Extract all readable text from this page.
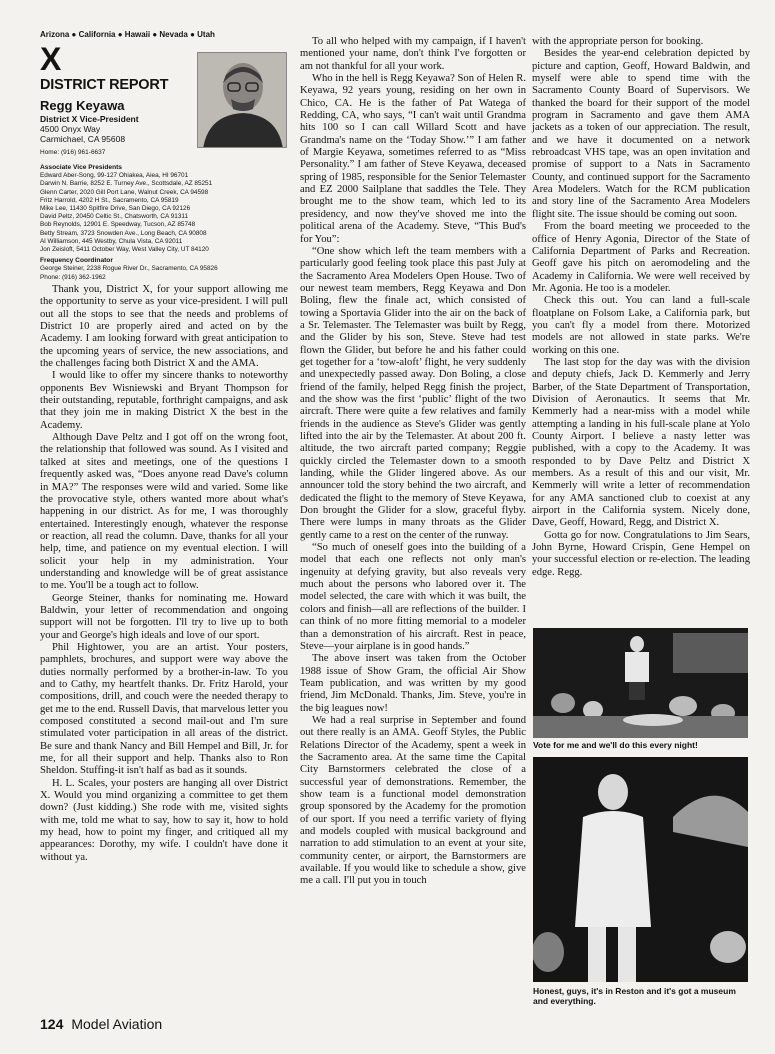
Arizona ● California ● Hawaii ● Nevada ● Utah
X
DISTRICT REPORT
Regg Keyawa
District X Vice-President
4500 Onyx Way
Carmichael, CA 95608
Home: (916) 961-6637
Associate Vice Presidents
Edward Aber-Song, 99-127 Ohiakea, Aiea, HI 96701
Darwin N. Barrie, 8252 E. Turney Ave., Scottsdale, AZ 85251
Glenn Carter, 2020 Gill Port Lane, Walnut Creek, CA 94598
Fritz Harrold, 4202 H St., Sacramento, CA 95819
Mike Lee, 11430 Spitfire Drive, San Diego, CA 92126
David Peltz, 20450 Celtic St., Chatsworth, CA 91311
Bob Reynolds, 12901 E. Speedway, Tucson, AZ 85748
Betty Stream, 3723 Snowden Ave., Long Beach, CA 90808
Al Williamson, 445 Westby, Chula Vista, CA 92011
Jon Zeisloft, 5411 October Way, West Valley City, UT 84120
Frequency Coordinator
George Steiner, 2238 Rogue River Dr., Sacramento, CA 95826
Phone: (916) 362-1962

Thank you, District X, for your support allowing me the opportunity to serve as your vice-president. I will pull out all the stops to see that the needs and problems of District 10 are properly aired and acted on by the Academy. I am looking forward with great anticipation to the upcoming years of service, the new associations, and the challenges facing both District X and the AMA.

I would like to offer my sincere thanks to noteworthy opponents Bev Wisniewski and Bryant Thompson for their outstanding, reputable, forthright campaigns, and ask that they join me in making District X the best in the Academy.

Although Dave Peltz and I got off on the wrong foot, the relationship that followed was sound. As I visited and talked at sites and meetings, one of the questions I frequently asked was, “Does anyone read Dave's column in MA?” The responses were wild and varied. Some like the provocative style, others wanted more about what's happening in our district. As for me, I was thoroughly entertained. Interestingly enough, whatever the response or reaction, all read the column. Dave, thanks for all your help, time, and patience on my eventual election. I will solicit your help in my administration. Your understanding and knowledge will be of great assistance to me. You'll be a tough act to follow.

George Steiner, thanks for nominating me. Howard Baldwin, your letter of recommendation and ongoing support will not be forgotten. I'll try to live up to both your and George's high ideals and love of our sport.

Phil Hightower, you are an artist. Your posters, pamphlets, brochures, and support were way above the duties normally performed by a brother-in-law. To you and to Cathy, my heartfelt thanks. Dr. Fritz Harold, your compositions, drill, and couch were the needed therapy to get me to the end. Russell Davis, that marvelous letter you composed constituted a second mail-out and I'm sure stimulated voter participation in all areas of the district. Be sure and thank Nancy and Bill Hempel and Bill, Jr. for me, for all their support and help. Thanks also to Ron Sheldon. Stuffing-it isn't half as bad as it sounds.

H. L. Scales, your posters are hanging all over District X. Would you mind organizing a committee to get them down? (Just kidding.) She rode with me, visited sights with me, told me what to say, how to say it, how to hold my head, how to point my finger, and critiqued all my appearances: Dorothy, my wife. I couldn't have done it without ya.

To all who helped with my campaign, if I haven't mentioned your name, don't think I've forgotten or am not thankful for all your work.

Who in the hell is Regg Keyawa? Son of Helen R. Keyawa, 92 years young, residing on her own in Chico, CA. He is the father of Pat Watega of Redding, CA, who says, “I can't wait until Grandma hits 100 so I can call Willard Scott and have Grandma's name on the ‘Today Show.’” I am father of Margie Keyawa, sometimes referred to as “Miss Personality.” I am father of Steve Keyawa, deceased spring of 1985, responsible for the Senior Telemaster and EZ 2000 Sailplane that saddles the Tele. They brought me to the show team, which led to its presidency, and now they've shoved me into the political arena of the Academy. Steve, “This Bud's for You”:

“One show which left the team members with a particularly good feeling took place this past July at the Sacramento Area Modelers Open House. Two of our newest team members, Regg Keyawa and Don Boling, flew the finale act, which consisted of towing a Sportavia Glider into the air on the back of a Sr. Telemaster. The Telemaster was built by Regg, and the Glider by his son, Steve. Steve had test flown the Glider, but before he and his father could get together for a ‘tow-aloft’ flight, he very suddenly and unexpectedly passed away. Don Boling, a close friend of the family, helped Regg finish the project, and the show was the first ‘public’ flight of the two aircraft. There were quite a few relatives and family friends in the audience as Steve's Glider was gently lifted into the air by the Telemaster. At about 200 ft. altitude, the two aircraft parted company; Reggie quickly circled the Telemaster down to a smooth landing, while the Glider lingered above. As our announcer told the story behind the two aircraft, and dedicated the flight to the memory of Steve Keyawa, Don brought the Glider for a slow, graceful flyby. There were lumps in many throats as the Glider gently came to a rest on the center of the runway.

“So much of oneself goes into the building of a model that each one reflects not only man's ingenuity at defying gravity, but also reveals very much about the persons who labored over it. The model selected, the care with which it was built, the colors and finish—all are reflections of the builder. I can think of no more fitting memorial to a modeler than a demonstration of his aircraft. Rest in peace, Steve—your airplane is in good hands.”

The above insert was taken from the October 1988 issue of Show Gram, the official Air Show Team publication, and was written by my good friend, Jim McDonald. Thanks, Jim. Steve, you're in the big leagues now!

We had a real surprise in September and found out there really is an AMA. Geoff Styles, the Public Relations Director of the Academy, spent a week in the Sacramento area. At the same time the Capital City Barnstormers celebrated the close of a successful year of demonstrations. Remember, the show team is a functional model demonstration group sponsored by the Academy for the promotion of our sport. If you need a terrific variety of flying and models coupled with musical background and narration to add stimulation to an event at your site, community center, or airport, the Barnstormers are available. If you would like to schedule a show, give me a call. I'll put you in touch

with the appropriate person for booking.

Besides the year-end celebration depicted by picture and caption, Geoff, Howard Baldwin, and myself were able to spend time with the Sacramento County Board of Supervisors. We thanked the board for their support of the model program in Sacramento and gave them AMA jackets as a token of our appreciation. The result, and we have it documented on a network rebroadcast VHS tape, was an open invitation and promise of support to a Nats in Sacramento County, and continued support for the Sacramento Area Modelers. Watch for the RCM publication and story line of the Sacramento Area Modelers flight site. The issue should be coming out soon.

From the board meeting we proceeded to the office of Henry Agonia, Director of the State of California Department of Parks and Recreation. Geoff gave his pitch on aeromodeling and the Academy in California. We were well received by Mr. Agonia. He too is a modeler.

Check this out. You can land a full-scale floatplane on Folsom Lake, a California park, but you can't fly a model from there. Motorized models are not allowed in state parks. We're working on this one.

The last stop for the day was with the division and deputy chiefs, Jack D. Kemmerly and Jerry Barber, of the State Department of Transportation, Division of Aeronautics. It seems that Mr. Kemmerly had a near-miss with a model while attempting a landing in his full-scale plane at Yolo County Airport. I believe a nasty letter was published, with a copy to the Academy. It was responded to by Dave Peltz and District X members. As a result of this and our visit, Mr. Kemmerly will write a letter of recommendation for any AMA sanctioned club to coexist at any airport in the California system. Nicely done, Dave, Geoff, Howard, Regg, and District X.

Gotta go for now. Congratulations to Jim Sears, John Byrne, Howard Crispin, Gene Hempel on your successful election or re-election. The leading edge. Regg.

Vote for me and we'll do this every night!
Honest, guys, it's in Reston and it's got a museum and everything.
124 Model Aviation
